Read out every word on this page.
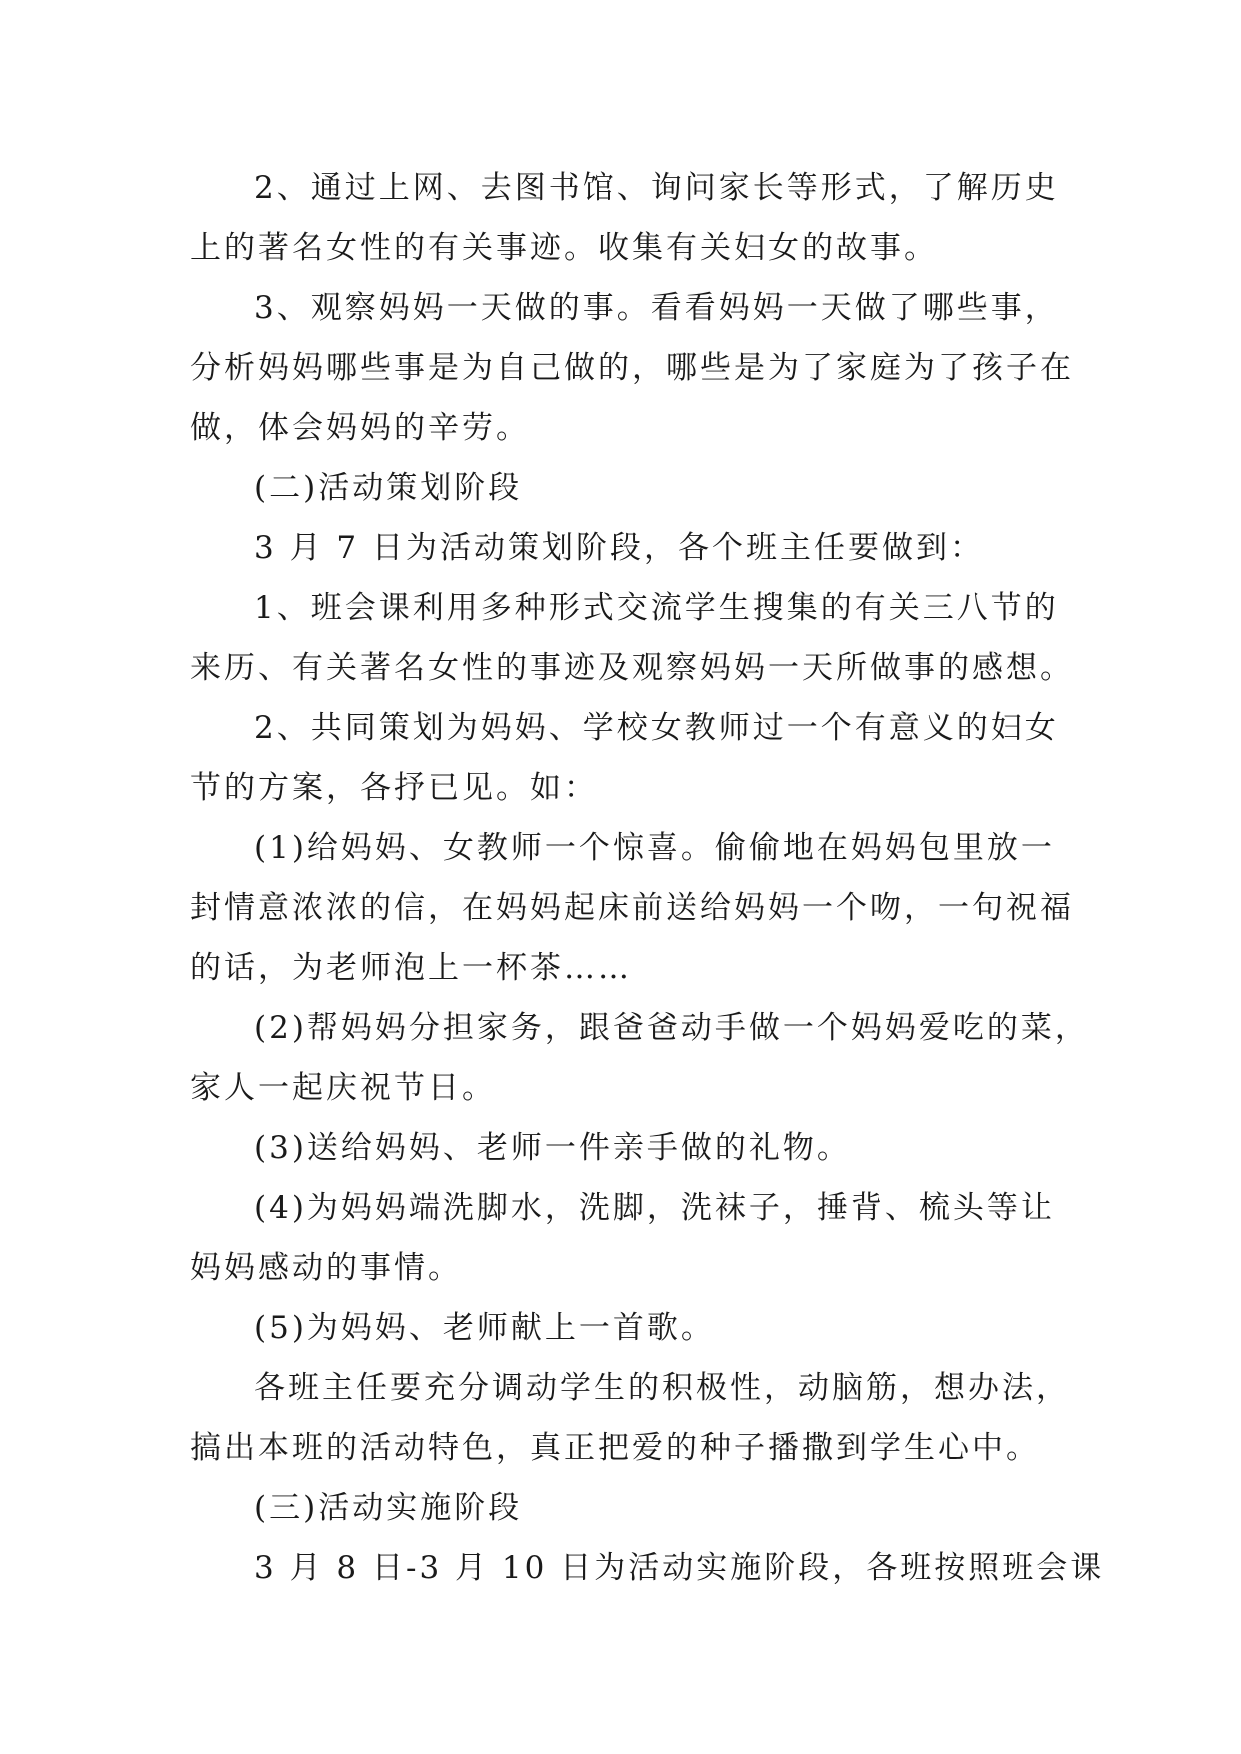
2、通过上网、去图书馆、询问家长等形式，了解历史

上的著名女性的有关事迹。收集有关妇女的故事。

3、观察妈妈一天做的事。看看妈妈一天做了哪些事，

分析妈妈哪些事是为自己做的，哪些是为了家庭为了孩子在

做，体会妈妈的辛劳。

(二)活动策划阶段

3 月 7 日为活动策划阶段，各个班主任要做到：

1、班会课利用多种形式交流学生搜集的有关三八节的

来历、有关著名女性的事迹及观察妈妈一天所做事的感想。

2、共同策划为妈妈、学校女教师过一个有意义的妇女

节的方案，各抒已见。如：

(1)给妈妈、女教师一个惊喜。偷偷地在妈妈包里放一

封情意浓浓的信，在妈妈起床前送给妈妈一个吻，一句祝福

的话，为老师泡上一杯茶……

(2)帮妈妈分担家务，跟爸爸动手做一个妈妈爱吃的菜，

家人一起庆祝节日。

(3)送给妈妈、老师一件亲手做的礼物。

(4)为妈妈端洗脚水，洗脚，洗袜子，捶背、梳头等让

妈妈感动的事情。

(5)为妈妈、老师献上一首歌。

各班主任要充分调动学生的积极性，动脑筋，想办法，

搞出本班的活动特色，真正把爱的种子播撒到学生心中。

(三)活动实施阶段

3 月 8 日-3 月 10 日为活动实施阶段，各班按照班会课
